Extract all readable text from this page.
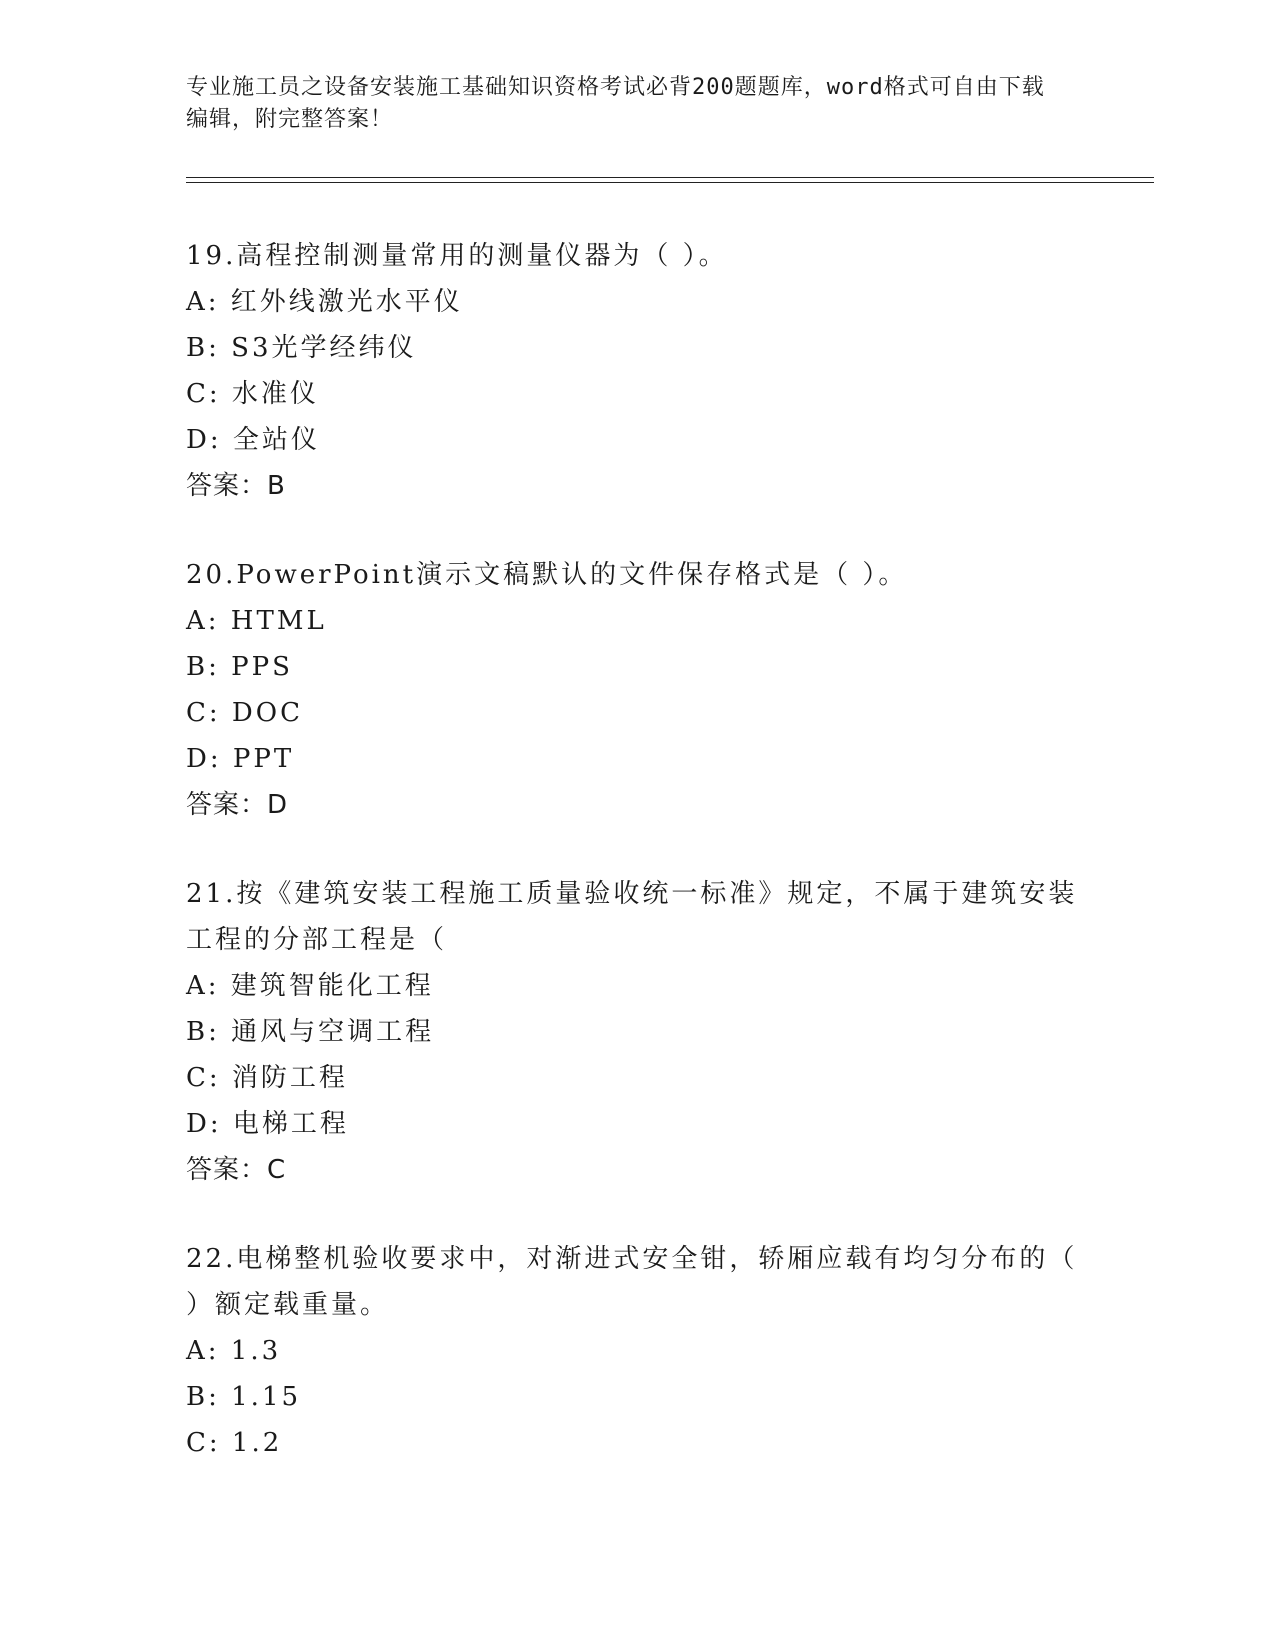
专业施工员之设备安装施工基础知识资格考试必背200题题库，word格式可自由下载编辑，附完整答案！
19.高程控制测量常用的测量仪器为（ ）。
A: 红外线激光水平仪
B: S3光学经纬仪
C: 水准仪
D: 全站仪
答案：B
20.PowerPoint演示文稿默认的文件保存格式是（ ）。
A: HTML
B: PPS
C: DOC
D: PPT
答案：D
21.按《建筑安装工程施工质量验收统一标准》规定，不属于建筑安装工程的分部工程是（
A: 建筑智能化工程
B: 通风与空调工程
C: 消防工程
D: 电梯工程
答案：C
22.电梯整机验收要求中，对渐进式安全钳，轿厢应载有均匀分布的（ ）额定载重量。
A: 1.3
B: 1.15
C: 1.2
